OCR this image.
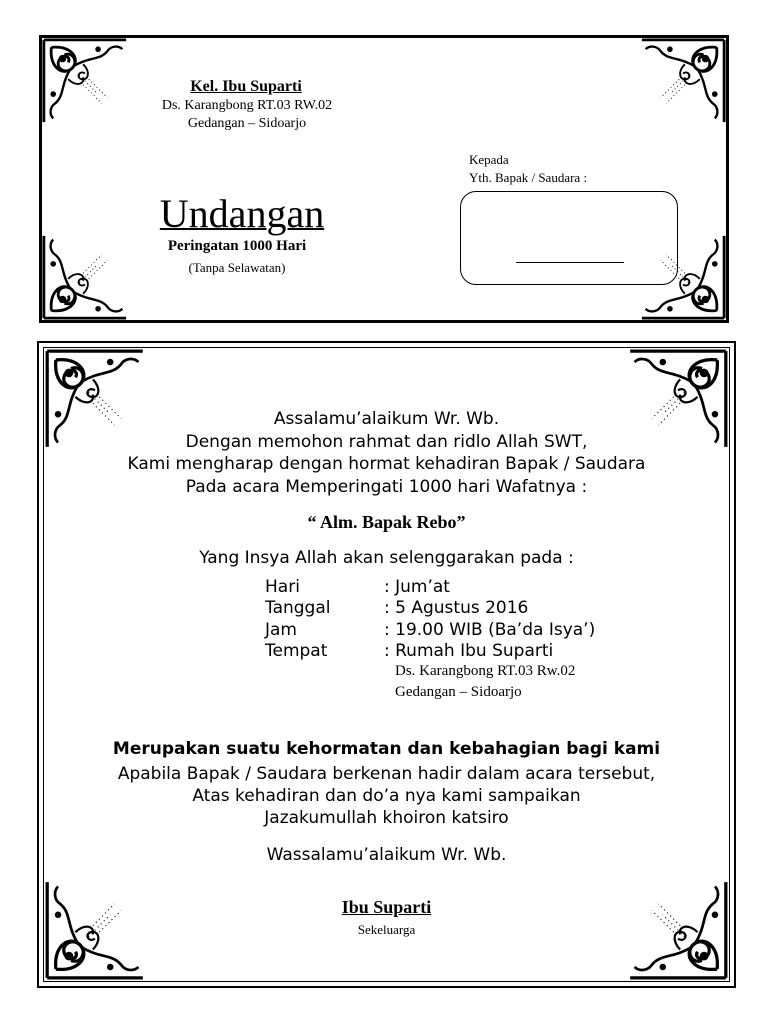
Kel. Ibu Suparti
Ds. Karangbong RT.03 RW.02
Gedangan – Sidoarjo
Undangan
Peringatan 1000 Hari
(Tanpa Selawatan)
Kepada
Yth. Bapak / Saudara :
Assalamu’alaikum Wr. Wb.
Dengan memohon rahmat dan ridlo Allah SWT,
Kami mengharap dengan hormat kehadiran Bapak / Saudara
Pada acara Memperingati 1000 hari Wafatnya :
“ Alm. Bapak Rebo”
Yang Insya Allah akan selenggarakan pada :
Hari	: Jum’at
Tanggal	: 5 Agustus 2016
Jam	: 19.00 WIB (Ba’da Isya’)
Tempat	: Rumah Ibu Suparti
Ds. Karangbong RT.03 Rw.02
Gedangan – Sidoarjo
Merupakan suatu kehormatan dan kebahagian bagi kami
Apabila Bapak / Saudara berkenan hadir dalam acara tersebut,
Atas kehadiran dan do’a nya kami sampaikan
Jazakumullah khoiron katsiro
Wassalamu’alaikum Wr. Wb.
Ibu Suparti
Sekeluarga
